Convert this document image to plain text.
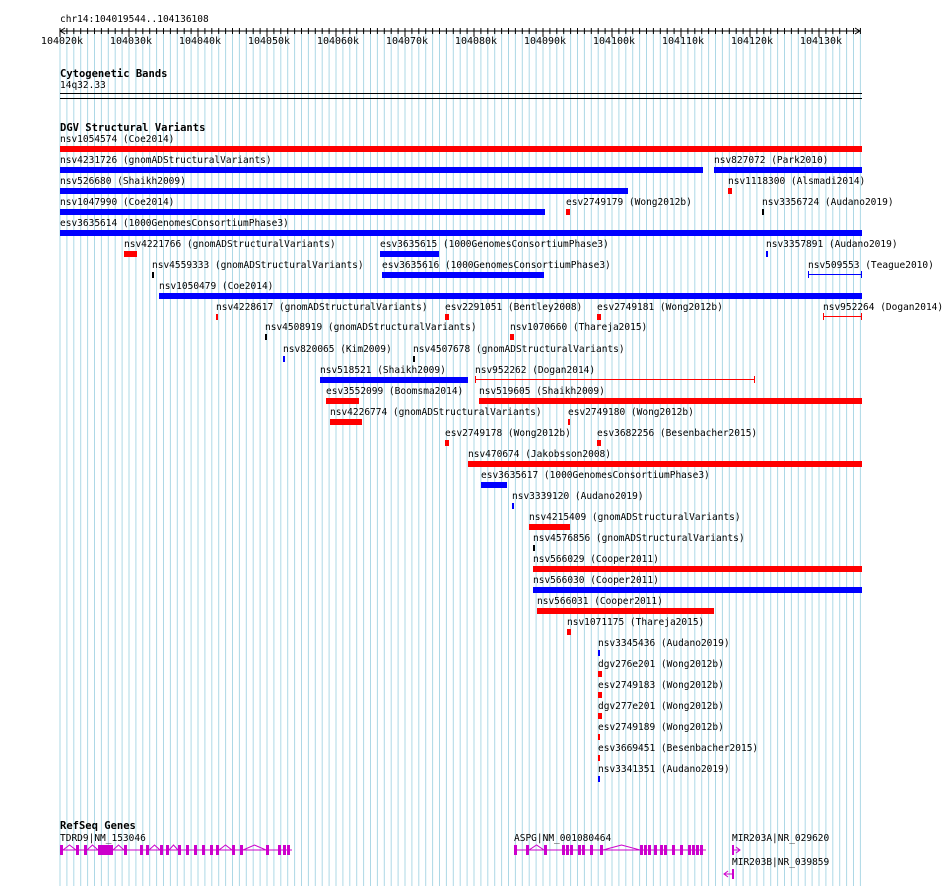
chr14:104019544..104136108
104020k	104030k	104040k	104050k	104060k	104070k	104080k	104090k	104100k	104110k	104120k	104130k
Cytogenetic Bands
14q32.33
DGV Structural Variants
nsv1054574 (Coe2014)
nsv4231726 (gnomADStructuralVariants)	nsv827072 (Park2010)
nsv526680 (Shaikh2009)	nsv1118300 (Alsmadi2014)
nsv1047990 (Coe2014)	esv2749179 (Wong2012b)	nsv3356724 (Audano2019)
esv3635614 (1000GenomesConsortiumPhase3)
nsv4221766 (gnomADStructuralVariants)	esv3635615 (1000GenomesConsortiumPhase3)	nsv3357891 (Audano2019)
nsv4559333 (gnomADStructuralVariants) esv3635616 (1000GenomesConsortiumPhase3)	nsv509553 (Teague2010)
nsv1050479 (Coe2014)
nsv4228617 (gnomADStructuralVariants) esv2291051 (Bentley2008) esv2749181 (Wong2012b)	nsv952264 (Dogan2014)
nsv4508919 (gnomADStructuralVariants)	nsv1070660 (Thareja2015)
nsv820065 (Kim2009) nsv4507678 (gnomADStructuralVariants)
nsv518521 (Shaikh2009)	nsv952262 (Dogan2014)
esv3552099 (Boomsma2014) nsv519605 (Shaikh2009)
nsv4226774 (gnomADStructuralVariants)	esv2749180 (Wong2012b)
esv2749178 (Wong2012b)	esv3682256 (Besenbacher2015)
nsv470674 (Jakobsson2008)
esv3635617 (1000GenomesConsortiumPhase3)
nsv3339120 (Audano2019)
nsv4215409 (gnomADStructuralVariants)
nsv4576856 (gnomADStructuralVariants)
nsv566029 (Cooper2011)
nsv566030 (Cooper2011)
nsv566031 (Cooper2011)
nsv1071175 (Thareja2015)
nsv3345436 (Audano2019)
dgv276e201 (Wong2012b)
esv2749183 (Wong2012b)
dgv277e201 (Wong2012b)
esv2749189 (Wong2012b)
esv3669451 (Besenbacher2015)
nsv3341351 (Audano2019)
RefSeq Genes
TDRD9|NM_153046	ASPG|NM_001080464	MIR203A|NR_029620
MIR203B|NR_039859
